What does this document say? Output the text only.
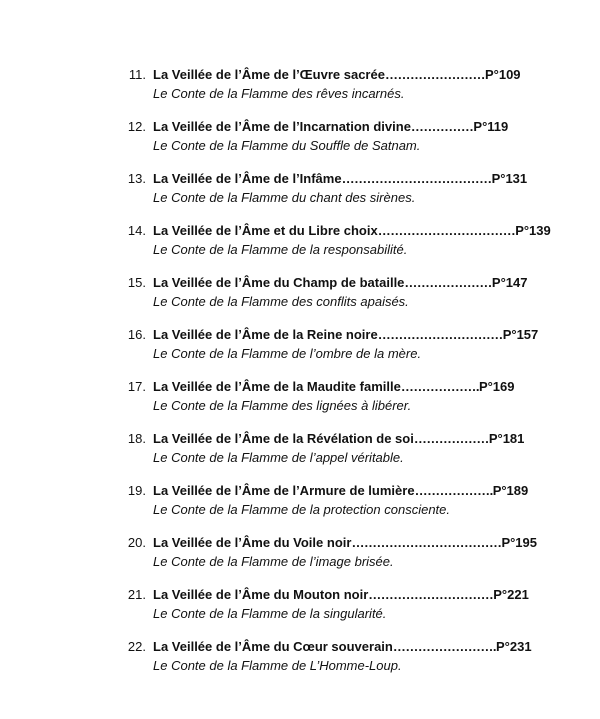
11. La Veillée de l’Âme de l’Œuvre sacrée …………………… P°109
Le Conte de la Flamme des rêves incarnés.
12. La Veillée de l’Âme de l’Incarnation divine …………… P°119
Le Conte de la Flamme du Souffle de Satnam.
13. La Veillée de l’Âme de l’Infâme ……………………………… P°131
Le Conte de la Flamme du chant des sirènes.
14. La Veillée de l’Âme et du Libre choix …………………………… P°139
Le Conte de la Flamme de la responsabilité.
15. La Veillée de l’Âme du Champ de bataille ………………… P°147
Le Conte de la Flamme des conflits apaisés.
16. La Veillée de l’Âme de la Reine noire ………………………… P°157
Le Conte de la Flamme de l’ombre de la mère.
17. La Veillée de l’Âme de la Maudite famille ………………. P°169
Le Conte de la Flamme des lignées à libérer.
18. La Veillée de l’Âme de la Révélation de soi ……………… P°181
Le Conte de la Flamme de l’appel véritable.
19. La Veillée de l’Âme de l’Armure de lumière ………………. P°189
Le Conte de la Flamme de la protection consciente.
20. La Veillée de l’Âme du Voile noir ……………………………… P°195
Le Conte de la Flamme de l’image brisée.
21. La Veillée de l’Âme du Mouton noir ………………………… P°221
Le Conte de la Flamme de la singularité.
22. La Veillée de l’Âme du Cœur souverain ……………………. P°231
Le Conte de la Flamme de L’Homme-Loup.
